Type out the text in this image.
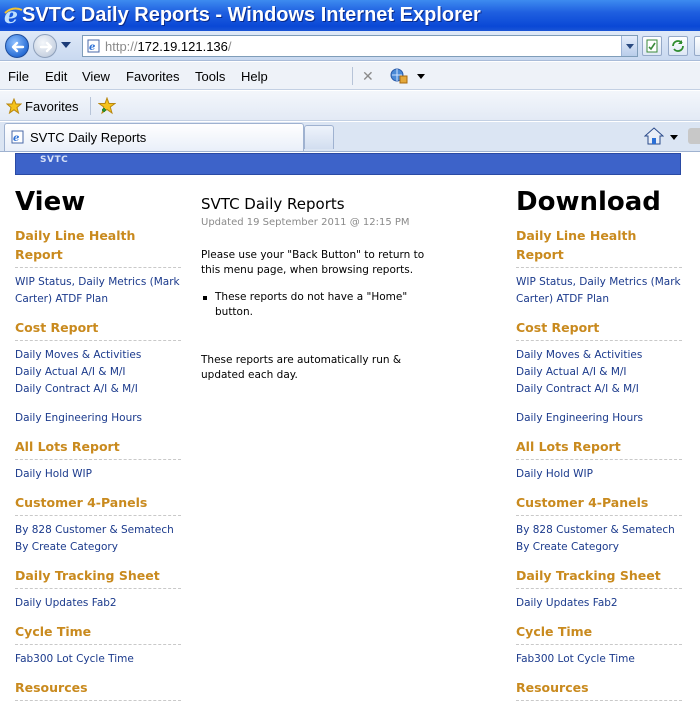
e SVTC Daily Reports - Windows Internet Explorer
e http://172.19.121.136/
File Edit View Favorites Tools Help	✕
Favorites
e SVTC Daily Reports
SVTC
View	Download
Daily Line Health Report
WIP Status, Daily Metrics (Mark Carter) ATDF Plan
Cost Report
Daily Moves & Activities
Daily Actual A/I & M/I
Daily Contract A/I & M/I
Daily Engineering Hours
All Lots Report
Daily Hold WIP
Customer 4-Panels
By 828 Customer & Sematech
By Create Category
Daily Tracking Sheet
Daily Updates Fab2
Cycle Time
Fab300 Lot Cycle Time
Resources
Daily Line Health Report
WIP Status, Daily Metrics (Mark Carter) ATDF Plan
Cost Report
Daily Moves & Activities
Daily Actual A/I & M/I
Daily Contract A/I & M/I
Daily Engineering Hours
All Lots Report
Daily Hold WIP
Customer 4-Panels
By 828 Customer & Sematech
By Create Category
Daily Tracking Sheet
Daily Updates Fab2
Cycle Time
Fab300 Lot Cycle Time
Resources
SVTC Daily Reports
Updated 19 September 2011 @ 12:15 PM
Please use your "Back Button" to return to this menu page, when browsing reports.
These reports do not have a "Home" button.
These reports are automatically run & updated each day.
